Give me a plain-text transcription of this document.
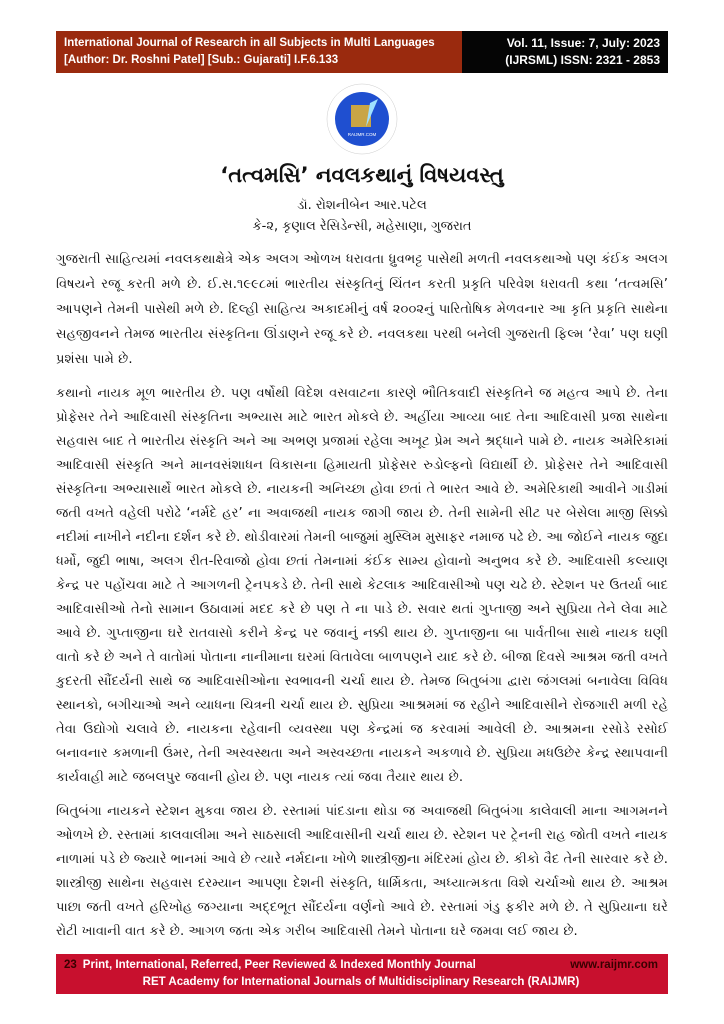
International Journal of Research in all Subjects in Multi Languages
[Author: Dr. Roshni Patel] [Sub.: Gujarati] I.F.6.133
Vol. 11, Issue: 7, July: 2023
(IJRSML) ISSN: 2321 - 2853
RAIJMR.COM
‘તત્વમસિ’ નવલકથાનું વિષયવસ્તુ
ડૉ. રોશનીબેન આર.પટેલ
કે-૨, કૃણાલ રેસિડેન્સી, મહેસાણા, ગુજરાત

ગુજરાતી સાહિત્યમાં નવલકથાક્ષેત્રે એક અલગ ઓળખ ધરાવતા ધ્રુવભટ્ટ પાસેથી મળતી નવલકથાઓ પણ કંઈક અલગ વિષયને રજૂ કરતી મળે છે. ઈ.સ.૧૯૯૮માં ભારતીય સંસ્કૃતિનું ચિંતન કરતી પ્રકૃતિ પરિવેશ ધરાવતી કથા ‘તત્વમસિ’ આપણને તેમની પાસેથી મળે છે. દિલ્હી સાહિત્ય અકાદમીનું વર્ષ ૨૦૦૨નું પારિતોષિક મેળવનાર આ કૃતિ પ્રકૃતિ સાથેના સહજીવનને તેમજ ભારતીય સંસ્કૃતિના ઊંડાણને રજૂ કરે છે. નવલકથા પરથી બનેલી ગુજરાતી ફિલ્મ ‘રેવા’ પણ ઘણી પ્રશંસા પામે છે.

કથાનો નાયક મૂળ ભારતીય છે. પણ વર્ષોથી વિદેશ વસવાટના કારણે ભૌતિકવાદી સંસ્કૃતિને જ મહત્વ આપે છે. તેના પ્રોફેસર તેને આદિવાસી સંસ્કૃતિના અભ્યાસ માટે ભારત મોકલે છે. અહીંયા આવ્યા બાદ તેના આદિવાસી પ્રજા સાથેના સહવાસ બાદ તે ભારતીય સંસ્કૃતિ અને આ અભણ પ્રજામાં રહેલા અખૂટ પ્રેમ અને શ્રદ્ધાને પામે છે. નાયક અમેરિકામાં આદિવાસી સંસ્કૃતિ અને માનવસંશાધન વિકાસના હિમાયતી પ્રોફેસર રુડોલ્ફનો વિદ્યાર્થી છે. પ્રોફેસર તેને આદિવાસી સંસ્કૃતિના અભ્યાસાર્થે ભારત મોકલે છે. નાયકની અનિચ્છા હોવા છતાં તે ભારત આવે છે. અમેરિકાથી આવીને ગાડીમાં જતી વખતે વહેલી પરોઢે ‘નર્મદે હર’ ના અવાજથી નાયક જાગી જાય છે. તેની સામેની સીટ પર બેસેલા માજી સિક્કો નદીમાં નાખીને નદીના દર્શન કરે છે. થોડીવારમાં તેમની બાજુમાં મુસ્લિમ મુસાફર નમાજ પઢે છે. આ જોઈને નાયક જુદા ધર્મો, જુદી ભાષા, અલગ રીત-રિવાજો હોવા છતાં તેમનામાં કંઈક સામ્ય હોવાનો અનુભવ કરે છે. આદિવાસી કલ્યાણ કેન્દ્ર પર પહોંચવા માટે તે આગળની ટ્રેનપકડે છે. તેની સાથે કેટલાક આદિવાસીઓ પણ ચઢે છે. સ્ટેશન પર ઉતર્યા બાદ આદિવાસીઓ તેનો સામાન ઉઠાવામાં મદદ કરે છે પણ તે ના પાડે છે. સવાર થતાં ગુપ્તાજી અને સુપ્રિયા તેને લેવા માટે આવે છે. ગુપ્તાજીના ઘરે રાતવાસો કરીને કેન્દ્ર પર જવાનું નક્કી થાય છે. ગુપ્તાજીના બા પાર્વતીબા સાથે નાયક ઘણી વાતો કરે છે અને તે વાતોમાં પોતાના નાનીમાના ઘરમાં વિતાવેલા બાળપણને યાદ કરે છે. બીજા દિવસે આશ્રમ જતી વખતે કુદરતી સૌંદર્યની સાથે જ આદિવાસીઓના સ્વભાવની ચર્ચા થાય છે. તેમજ બિતુબંગા દ્વારા જંગલમાં બનાવેલા વિવિધ સ્થાનકો, બગીચાઓ અને વ્યાધના ચિત્રની ચર્ચા થાય છે. સુપ્રિયા આશ્રમમાં જ રહીને આદિવાસીને રોજગારી મળી રહે તેવા ઉદ્યોગો ચલાવે છે. નાયકના રહેવાની વ્યવસ્થા પણ કેન્દ્રમાં જ કરવામાં આવેલી છે. આશ્રમના રસોડે રસોઈ બનાવનાર કમળાની ઉંમર, તેની અસ્વસ્થતા અને અસ્વચ્છતા નાયકને અકળાવે છે. સુપ્રિયા મધઉછેર કેન્દ્ર સ્થાપવાની કાર્યવાહી માટે જબલપુર જવાની હોય છે. પણ નાયક ત્યાં જવા તૈયાર થાય છે.

બિતુબંગા નાયકને સ્ટેશન મુકવા જાય છે. રસ્તામાં પાંદડાના થોડા જ અવાજથી બિતુબંગા કાલેવાલી માના આગમનને ઓળખે છે. રસ્તામાં કાલવાલીમા અને સાઠસાલી આદિવાસીની ચર્ચા થાય છે. સ્ટેશન પર ટ્રેનની રાહ જોતી વખતે નાયક નાળામાં પડે છે જ્યારે ભાનમાં આવે છે ત્યારે નર્મદાના ખોળે શાસ્ત્રીજીના મંદિરમાં હોય છે. કીકો વૈદ તેની સારવાર કરે છે. શાસ્ત્રીજી સાથેના સહવાસ દરમ્યાન આપણા દેશની સંસ્કૃતિ, ધાર્મિકતા, અધ્યાત્મકતા વિશે ચર્ચાઓ થાય છે. આશ્રમ પાછા જતી વખતે હરિખોહ જગ્યાના અદ્દભૂત સૌંદર્યના વર્ણનો આવે છે. રસ્તામાં ગંડુ ફકીર મળે છે. તે સુપ્રિયાના ઘરે રોટી ખાવાની વાત કરે છે. આગળ જતા એક ગરીબ આદિવાસી તેમને પોતાના ઘરે જમવા લઈ જાય છે.

23 Print, International, Referred, Peer Reviewed & Indexed Monthly Journal	www.raijmr.com
RET Academy for International Journals of Multidisciplinary Research (RAIJMR)
